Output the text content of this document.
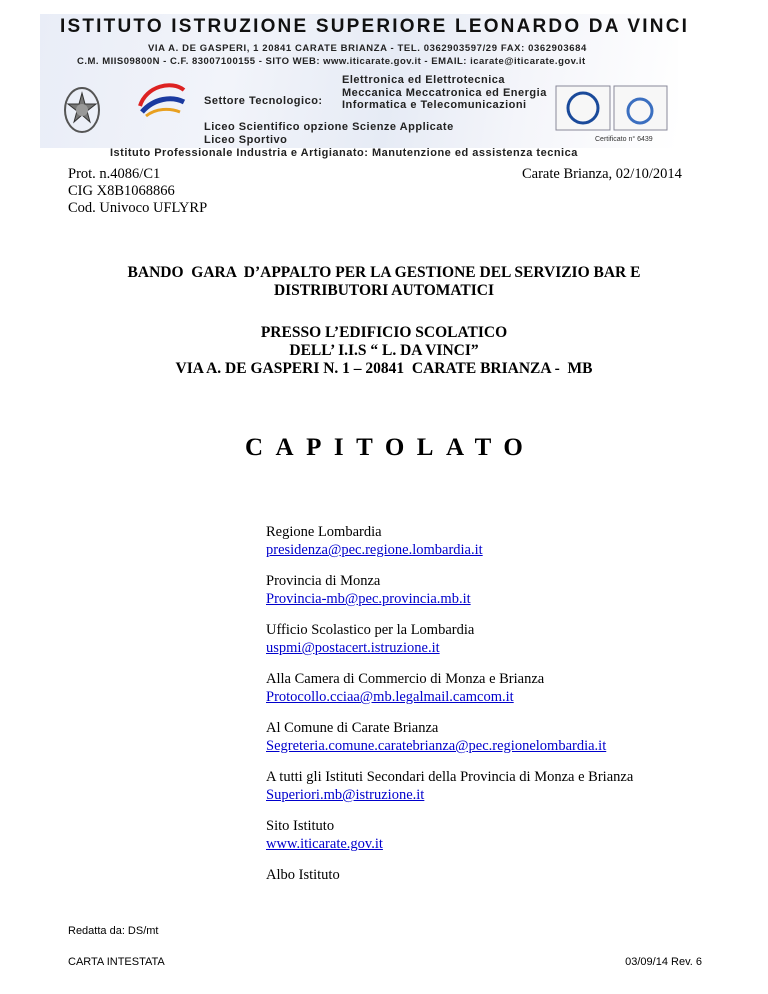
ISTITUTO ISTRUZIONE SUPERIORE LEONARDO DA VINCI
VIA A. DE GASPERI, 1 20841 CARATE BRIANZA - TEL. 0362903597/29 FAX: 0362903684
C.M. MIIS09800N - C.F. 83007100155 - SITO WEB: www.iticarate.gov.it - EMAIL: icarate@iticarate.gov.it
Settore Tecnologico:
Elettronica ed Elettrotecnica
Meccanica Meccatronica ed Energia
Informatica e Telecomunicazioni
Liceo Scientifico opzione Scienze Applicate
Liceo Sportivo	Certificato n° 6439
Istituto Professionale Industria e Artigianato: Manutenzione ed assistenza tecnica
Prot. n.4086/C1
CIG X8B1068866
Cod. Univoco UFLYRP
Carate Brianza, 02/10/2014
BANDO  GARA  D’APPALTO PER LA GESTIONE DEL SERVIZIO BAR E
DISTRIBUTORI AUTOMATICI
PRESSO L’EDIFICIO SCOLATICO
DELL’ I.I.S “ L. DA VINCI”
VIA A. DE GASPERI N. 1 – 20841  CARATE BRIANZA -  MB
CAPITOLATO
Regione Lombardia
presidenza@pec.regione.lombardia.it
Provincia di Monza
Provincia-mb@pec.provincia.mb.it
Ufficio Scolastico per la Lombardia
uspmi@postacert.istruzione.it
Alla Camera di Commercio di Monza e Brianza
Protocollo.cciaa@mb.legalmail.camcom.it
Al Comune di Carate Brianza
Segreteria.comune.caratebrianza@pec.regionelombardia.it
A tutti gli Istituti Secondari della Provincia di Monza e Brianza
Superiori.mb@istruzione.it
Sito Istituto
www.iticarate.gov.it
Albo Istituto
Redatta da: DS/mt
CARTA INTESTATA	03/09/14 Rev. 6
